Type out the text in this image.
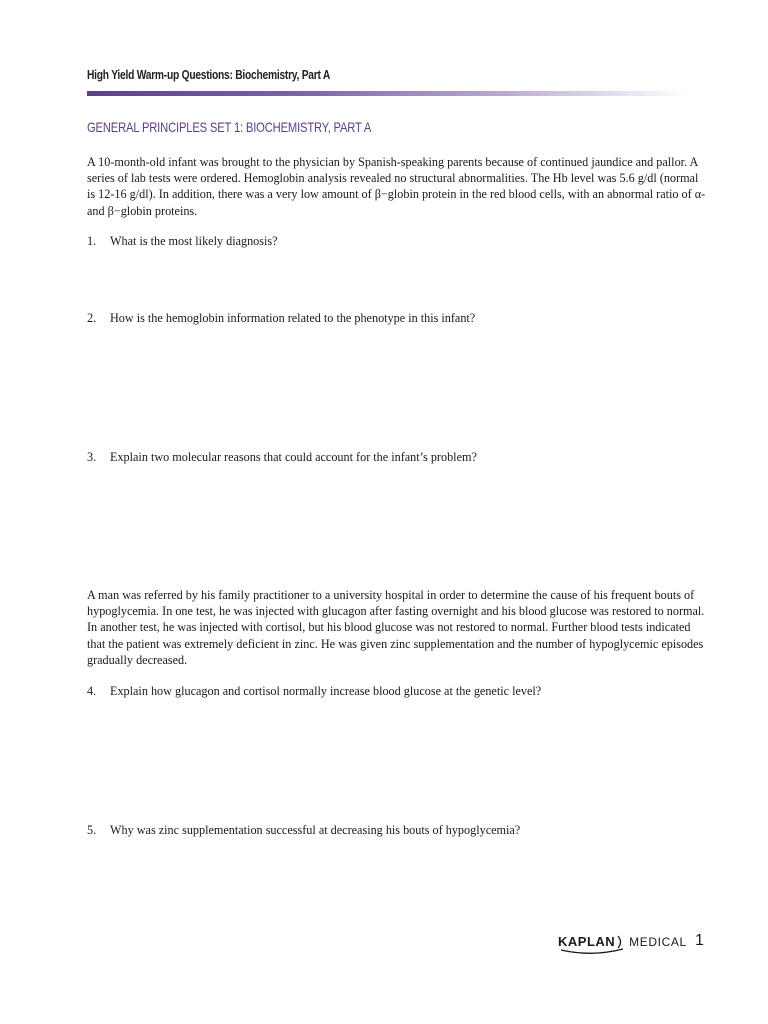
High Yield Warm-up Questions: Biochemistry, Part A
GENERAL PRINCIPLES SET 1: BIOCHEMISTRY, PART A

A 10-month-old infant was brought to the physician by Spanish-speaking parents because of continued jaundice and pallor. A series of lab tests were ordered. Hemoglobin analysis revealed no structural abnormalities. The Hb level was 5.6 g/dl (normal is 12-16 g/dl). In addition, there was a very low amount of β−globin protein in the red blood cells, with an abnormal ratio of α- and β−globin proteins.

1.	What is the most likely diagnosis?
2.	How is the hemoglobin information related to the phenotype in this infant?
3.	Explain two molecular reasons that could account for the infant’s problem?

A man was referred by his family practitioner to a university hospital in order to determine the cause of his frequent bouts of hypoglycemia. In one test, he was injected with glucagon after fasting overnight and his blood glucose was restored to normal. In another test, he was injected with cortisol, but his blood glucose was not restored to normal. Further blood tests indicated that the patient was extremely deficient in zinc. He was given zinc supplementation and the number of hypoglycemic episodes gradually decreased.

4.	Explain how glucagon and cortisol normally increase blood glucose at the genetic level?
5.	Why was zinc supplementation successful at decreasing his bouts of hypoglycemia?
KAPLAN MEDICAL 1
